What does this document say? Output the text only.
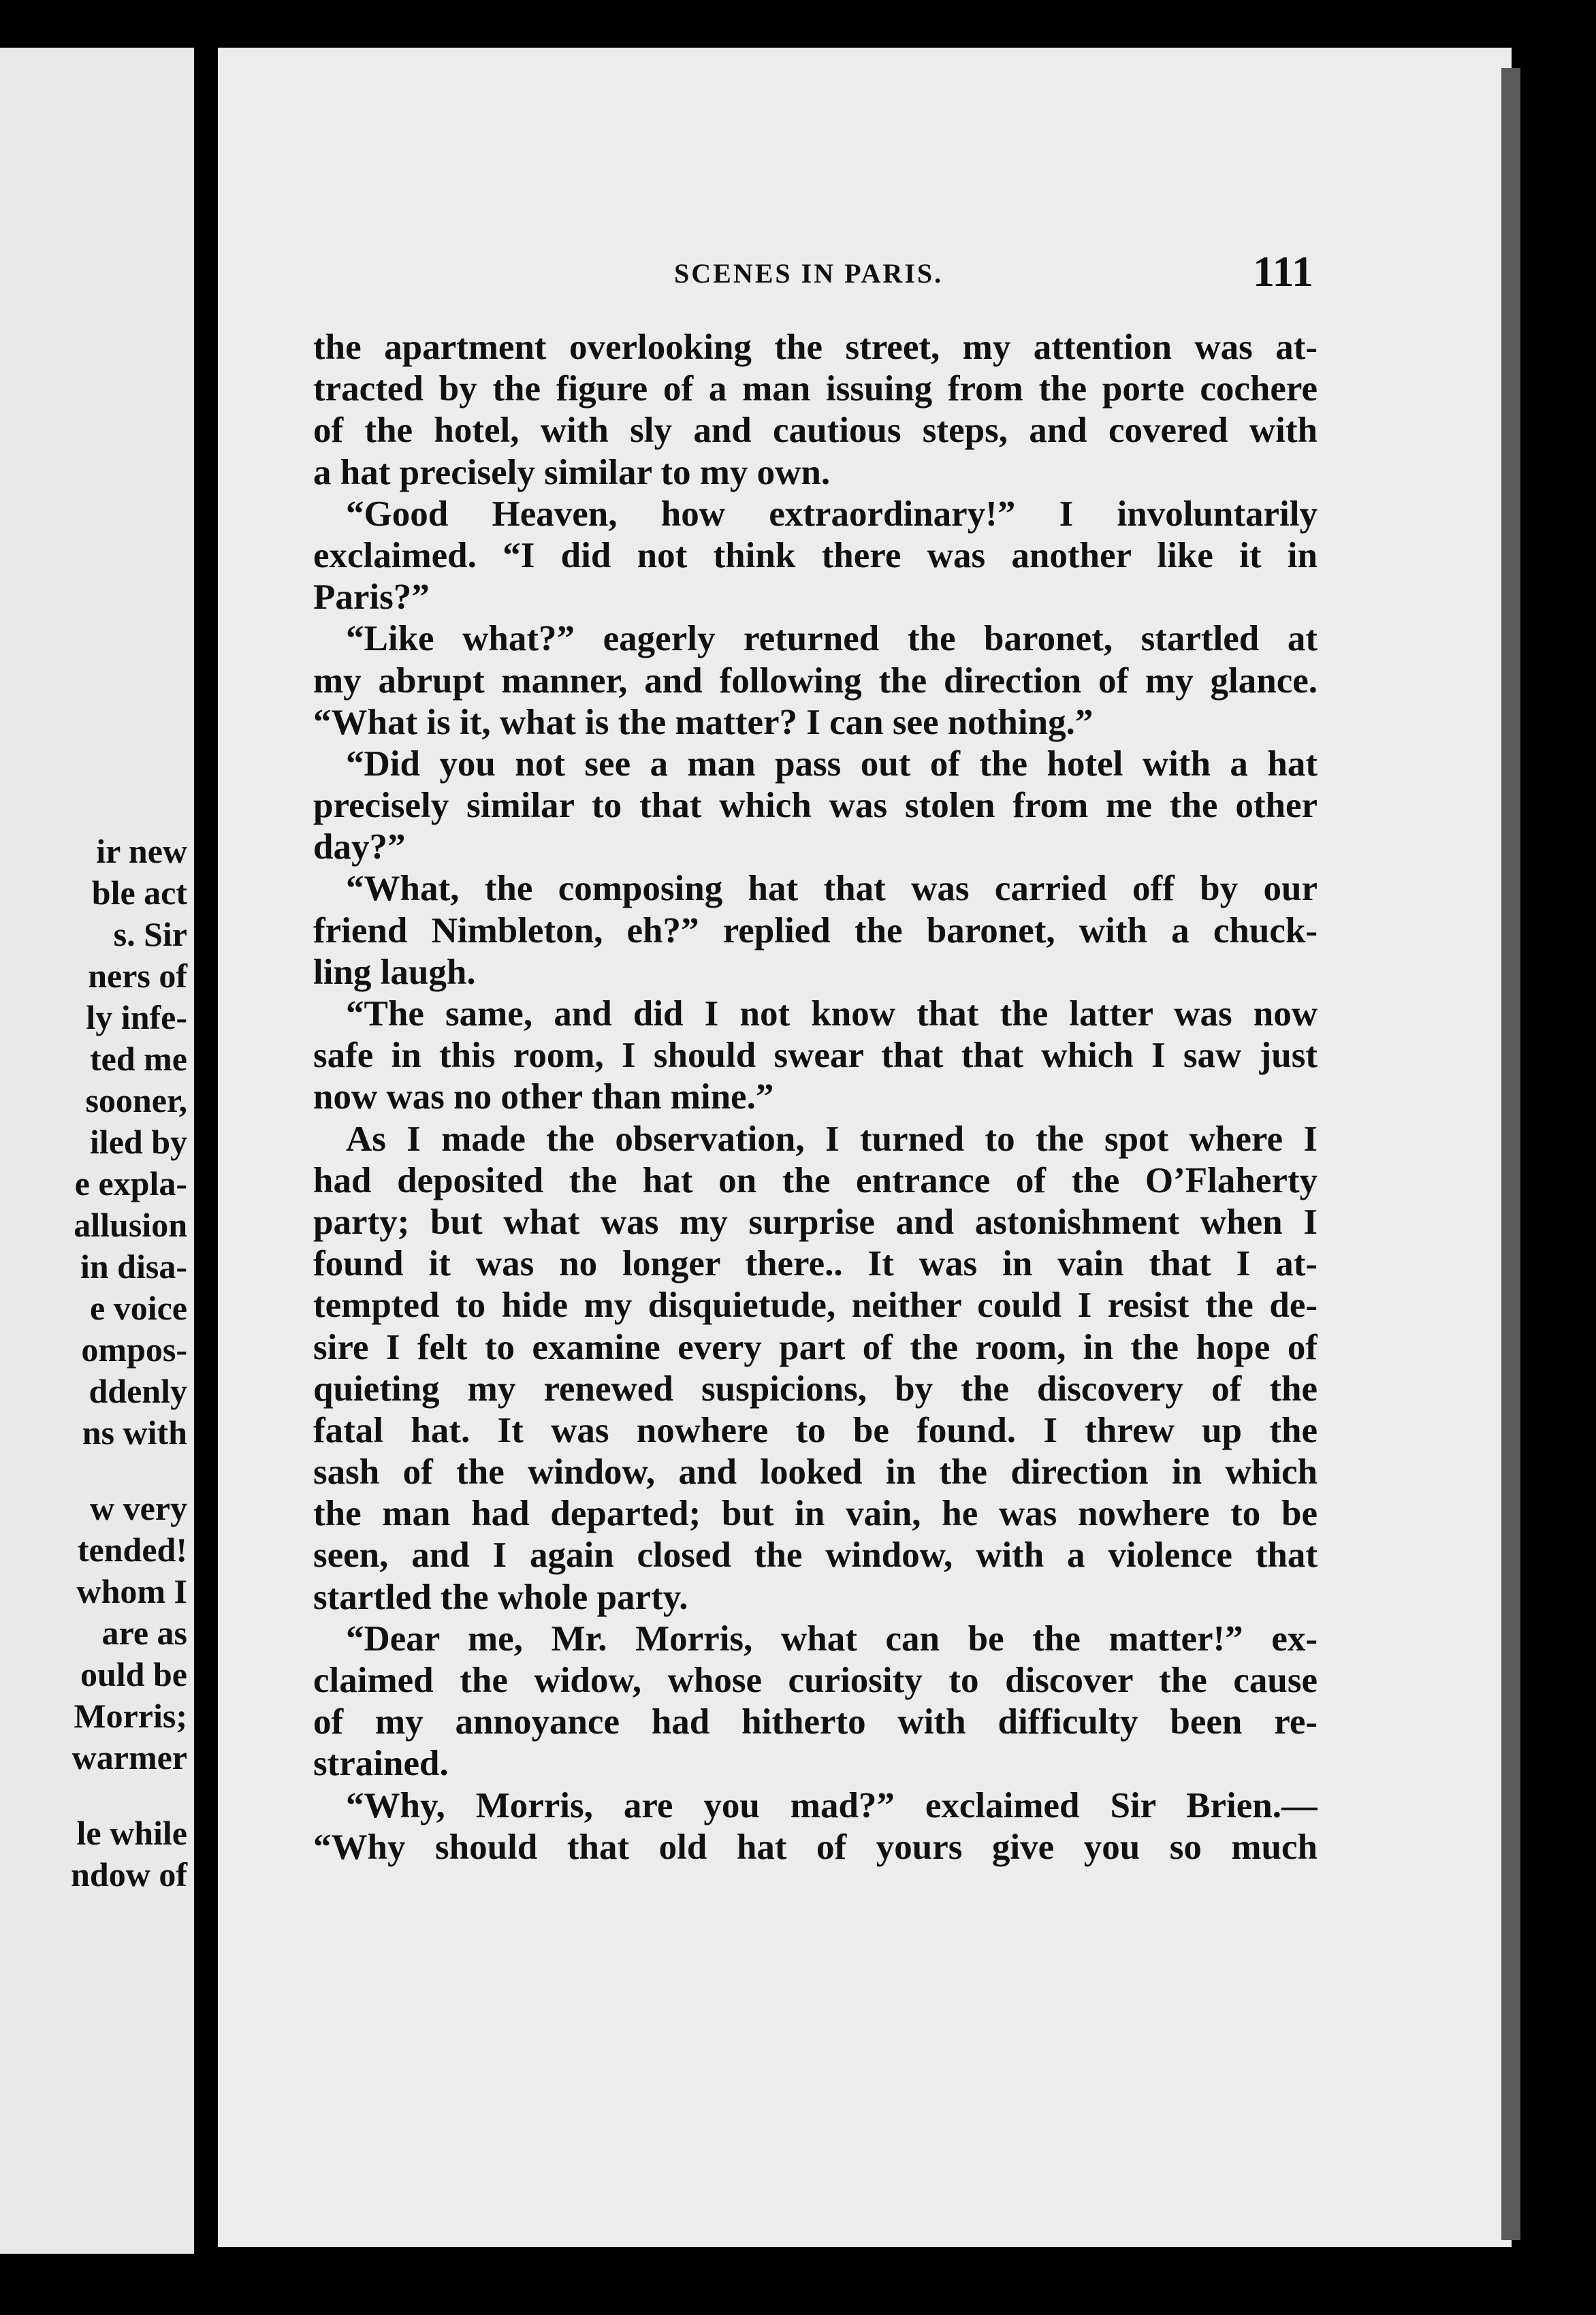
ir new
ble act
s. Sir
ners of
ly infe-
ted me
sooner,
iled by
e expla-
allusion
in disa-
e voice
ompos-
ddenly
ns with
w very
tended!
whom I
are as
ould be
Morris;
warmer
le while
ndow of
SCENES IN PARIS.	111
the apartment overlooking the street, my attention was at-
tracted by the figure of a man issuing from the porte cochere
of the hotel, with sly and cautious steps, and covered with
a hat precisely similar to my own.
“Good Heaven, how extraordinary!” I involuntarily
exclaimed. “I did not think there was another like it in
Paris?”
“Like what?” eagerly returned the baronet, startled at
my abrupt manner, and following the direction of my glance.
“What is it, what is the matter? I can see nothing.”
“Did you not see a man pass out of the hotel with a hat
precisely similar to that which was stolen from me the other
day?”
“What, the composing hat that was carried off by our
friend Nimbleton, eh?” replied the baronet, with a chuck-
ling laugh.
“The same, and did I not know that the latter was now
safe in this room, I should swear that that which I saw just
now was no other than mine.”
As I made the observation, I turned to the spot where I
had deposited the hat on the entrance of the O’Flaherty
party; but what was my surprise and astonishment when I
found it was no longer there.. It was in vain that I at-
tempted to hide my disquietude, neither could I resist the de-
sire I felt to examine every part of the room, in the hope of
quieting my renewed suspicions, by the discovery of the
fatal hat. It was nowhere to be found. I threw up the
sash of the window, and looked in the direction in which
the man had departed; but in vain, he was nowhere to be
seen, and I again closed the window, with a violence that
startled the whole party.
“Dear me, Mr. Morris, what can be the matter!” ex-
claimed the widow, whose curiosity to discover the cause
of my annoyance had hitherto with difficulty been re-
strained.
“Why, Morris, are you mad?” exclaimed Sir Brien.—
“Why should that old hat of yours give you so much
